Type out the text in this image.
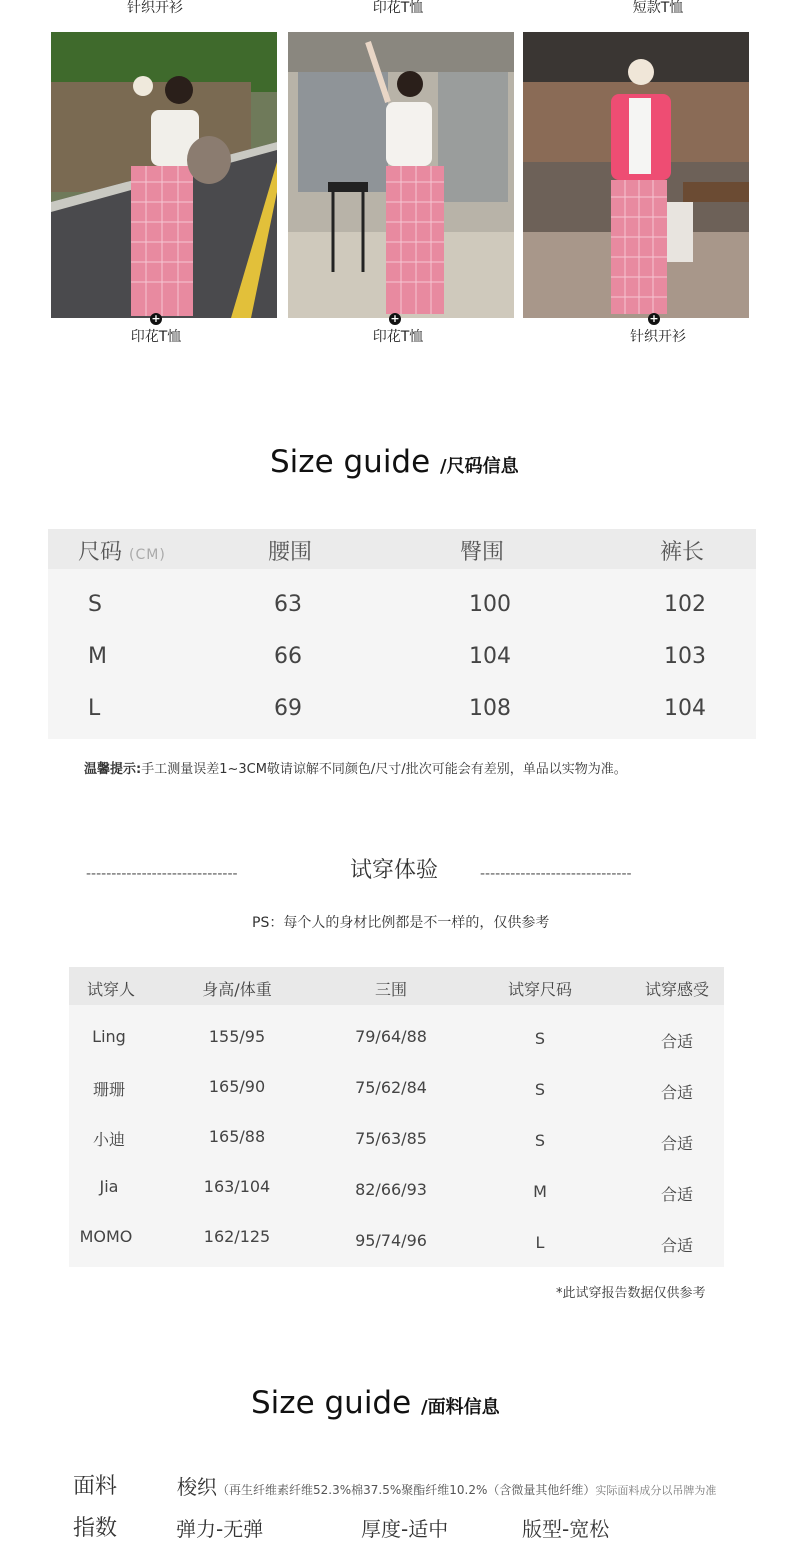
针织开衫	印花T恤	短款T恤
+	+	+
印花T恤	印花T恤	针织开衫
Size guide /尺码信息
尺码 (CM)	腰围	臀围	裤长
S	63	100	102
M	66	104	103
L	69	108	104
温馨提示:手工测量误差1~3CM敬请谅解不同颜色/尺寸/批次可能会有差别，单品以实物为准。
------------------------------	试穿体验	------------------------------
PS：每个人的身材比例都是不一样的，仅供参考
试穿人	身高/体重	三围	试穿尺码	试穿感受
Ling	155/95	79/64/88	S	合适
珊珊	165/90	75/62/84	S	合适
小迪	165/88	75/63/85	S	合适
Jia	163/104	82/66/93	M	合适
MOMO	162/125	95/74/96	L	合适
*此试穿报告数据仅供参考
Size guide /面料信息
面料	梭织（再生纤维素纤维52.3%棉37.5%聚酯纤维10.2%（含微量其他纤维）实际面料成分以吊牌为准
指数	弹力-无弹	厚度-适中	版型-宽松
